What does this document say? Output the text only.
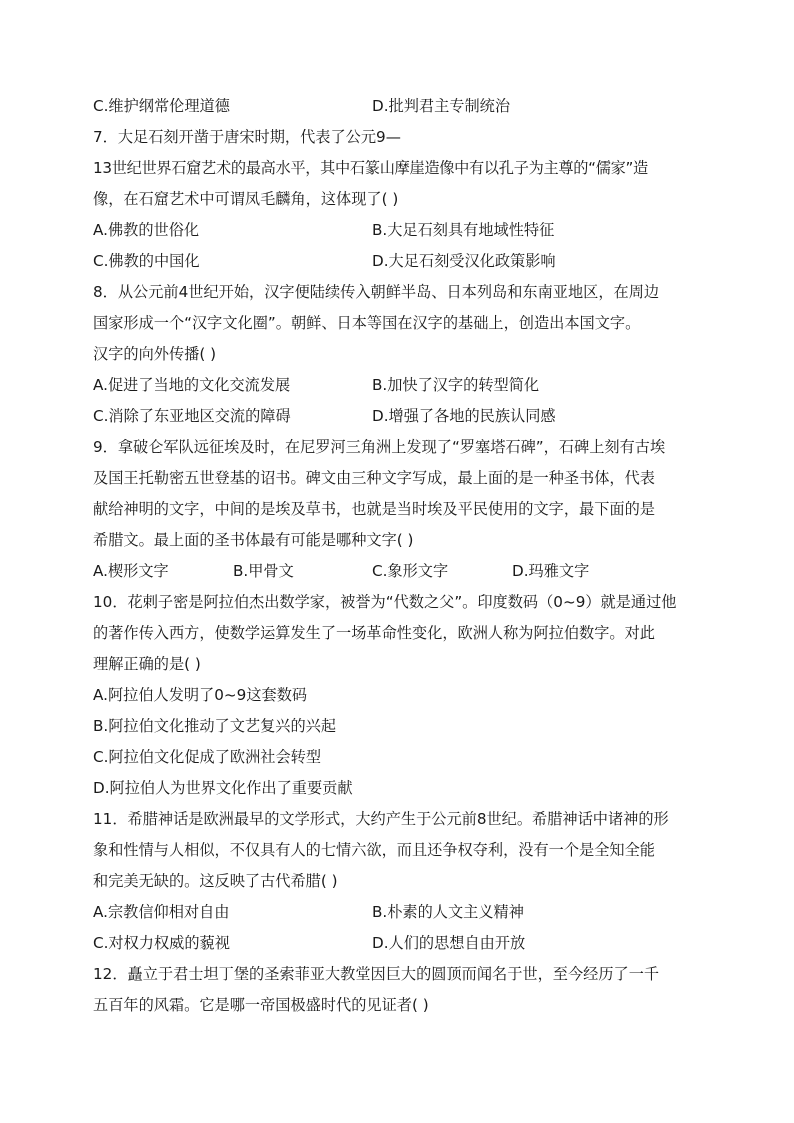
C.维护纲常伦理道德	D.批判君主专制统治
7．大足石刻开凿于唐宋时期，代表了公元9—
13世纪世界石窟艺术的最高水平，其中石篆山摩崖造像中有以孔子为主尊的“儒家”造
像，在石窟艺术中可谓凤毛麟角，这体现了( )
A.佛教的世俗化	B.大足石刻具有地域性特征
C.佛教的中国化	D.大足石刻受汉化政策影响
8．从公元前4世纪开始，汉字便陆续传入朝鲜半岛、日本列岛和东南亚地区，在周边
国家形成一个“汉字文化圈”。朝鲜、日本等国在汉字的基础上，创造出本国文字。
汉字的向外传播( )
A.促进了当地的文化交流发展	B.加快了汉字的转型简化
C.消除了东亚地区交流的障碍	D.增强了各地的民族认同感
9．拿破仑军队远征埃及时，在尼罗河三角洲上发现了“罗塞塔石碑”，石碑上刻有古埃
及国王托勒密五世登基的诏书。碑文由三种文字写成，最上面的是一种圣书体，代表
献给神明的文字，中间的是埃及草书，也就是当时埃及平民使用的文字，最下面的是
希腊文。最上面的圣书体最有可能是哪种文字( )
A.楔形文字	B.甲骨文	C.象形文字	D.玛雅文字
10．花剌子密是阿拉伯杰出数学家，被誉为“代数之父”。印度数码（0~9）就是通过他
的著作传入西方，使数学运算发生了一场革命性变化，欧洲人称为阿拉伯数字。对此
理解正确的是( )
A.阿拉伯人发明了0~9这套数码
B.阿拉伯文化推动了文艺复兴的兴起
C.阿拉伯文化促成了欧洲社会转型
D.阿拉伯人为世界文化作出了重要贡献
11．希腊神话是欧洲最早的文学形式，大约产生于公元前8世纪。希腊神话中诸神的形
象和性情与人相似，不仅具有人的七情六欲，而且还争权夺利，没有一个是全知全能
和完美无缺的。这反映了古代希腊( )
A.宗教信仰相对自由	B.朴素的人文主义精神
C.对权力权威的藐视	D.人们的思想自由开放
12．矗立于君士坦丁堡的圣索菲亚大教堂因巨大的圆顶而闻名于世，至今经历了一千
五百年的风霜。它是哪一帝国极盛时代的见证者( )
